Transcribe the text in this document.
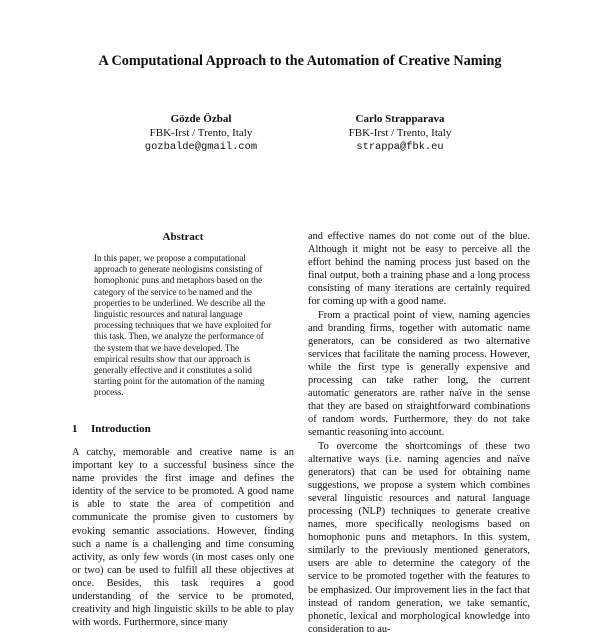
A Computational Approach to the Automation of Creative Naming
Gözde Özbal
FBK-Irst / Trento, Italy
gozbalde@gmail.com
Carlo Strapparava
FBK-Irst / Trento, Italy
strappa@fbk.eu
Abstract
In this paper, we propose a computational approach to generate neologisms consisting of homophonic puns and metaphors based on the category of the service to be named and the properties to be underlined. We describe all the linguistic resources and natural language processing techniques that we have exploited for this task. Then, we analyze the performance of the system that we have developed. The empirical results show that our approach is generally effective and it constitutes a solid starting point for the automation of the naming process.
1 Introduction

A catchy, memorable and creative name is an important key to a successful business since the name provides the first image and defines the identity of the service to be promoted. A good name is able to state the area of competition and communicate the promise given to customers by evoking semantic associations. However, finding such a name is a challenging and time consuming activity, as only few words (in most cases only one or two) can be used to fulfill all these objectives at once. Besides, this task requires a good understanding of the service to be promoted, creativity and high linguistic skills to be able to play with words. Furthermore, since many

and effective names do not come out of the blue. Although it might not be easy to perceive all the effort behind the naming process just based on the final output, both a training phase and a long process consisting of many iterations are certainly required for coming up with a good name.

From a practical point of view, naming agencies and branding firms, together with automatic name generators, can be considered as two alternative services that facilitate the naming process. However, while the first type is generally expensive and processing can take rather long, the current automatic generators are rather naïve in the sense that they are based on straightforward combinations of random words. Furthermore, they do not take semantic reasoning into account.

To overcome the shortcomings of these two alternative ways (i.e. naming agencies and naïve generators) that can be used for obtaining name suggestions, we propose a system which combines several linguistic resources and natural language processing (NLP) techniques to generate creative names, more specifically neologisms based on homophonic puns and metaphors. In this system, similarly to the previously mentioned generators, users are able to determine the category of the service to be promoted together with the features to be emphasized. Our improvement lies in the fact that instead of random generation, we take semantic, phonetic, lexical and morphological knowledge into consideration to au-
